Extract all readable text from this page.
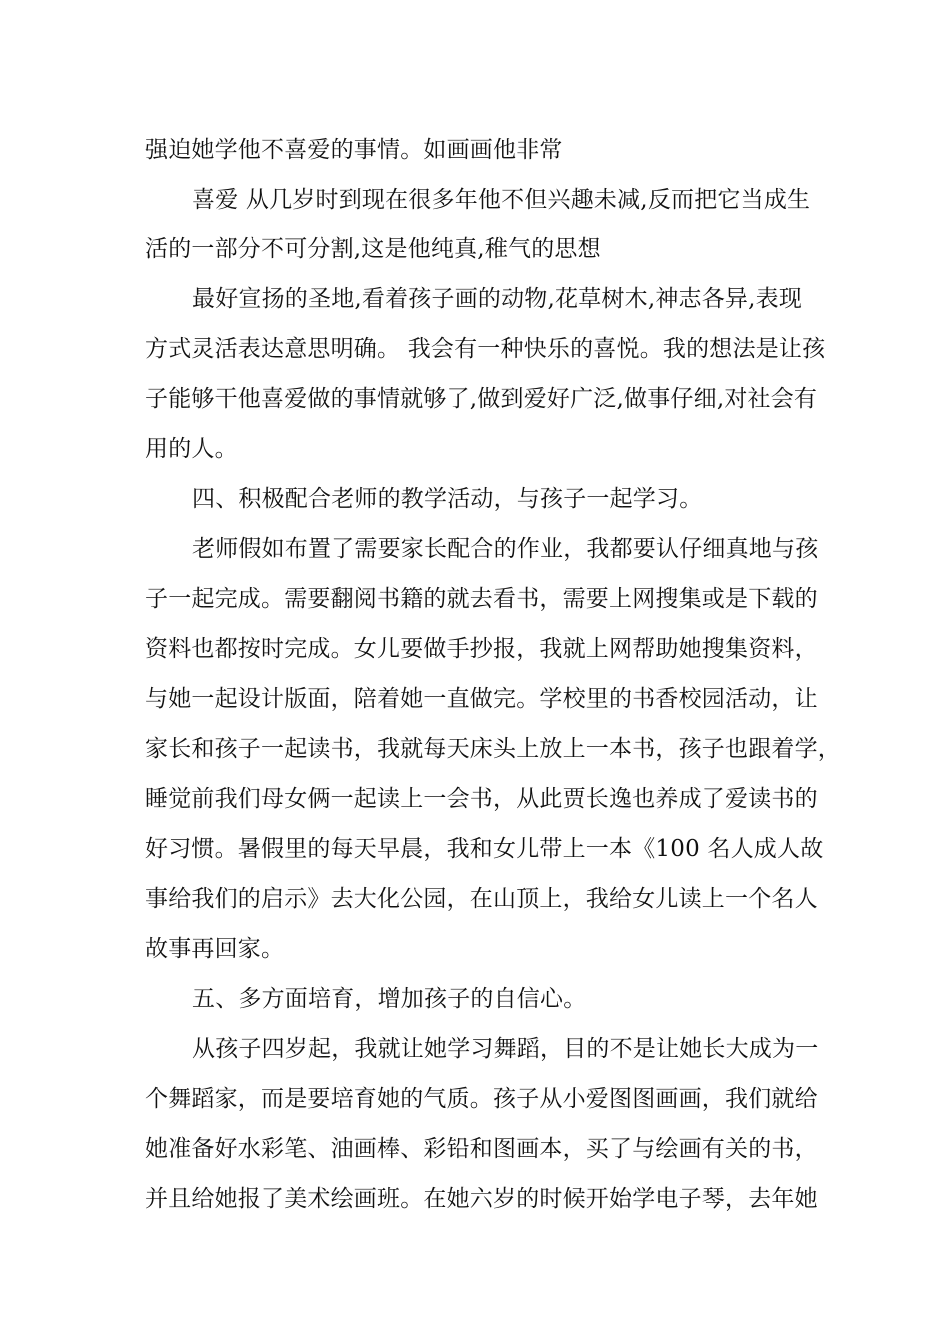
强迫她学他不喜爱的事情。如画画他非常
喜爱 从几岁时到现在很多年他不但兴趣未减,反而把它当成生
活的一部分不可分割,这是他纯真,稚气的思想
最好宣扬的圣地,看着孩子画的动物,花草树木,神志各异,表现
方式灵活表达意思明确。 我会有一种快乐的喜悦。我的想法是让孩
子能够干他喜爱做的事情就够了,做到爱好广泛,做事仔细,对社会有
用的人。
四、积极配合老师的教学活动，与孩子一起学习。
老师假如布置了需要家长配合的作业，我都要认仔细真地与孩
子一起完成。需要翻阅书籍的就去看书，需要上网搜集或是下载的
资料也都按时完成。女儿要做手抄报，我就上网帮助她搜集资料，
与她一起设计版面，陪着她一直做完。学校里的书香校园活动，让
家长和孩子一起读书，我就每天床头上放上一本书，孩子也跟着学，
睡觉前我们母女俩一起读上一会书，从此贾长逸也养成了爱读书的
好习惯。暑假里的每天早晨，我和女儿带上一本《100 名人成人故
事给我们的启示》去大化公园，在山顶上，我给女儿读上一个名人
故事再回家。
五、多方面培育，增加孩子的自信心。
从孩子四岁起，我就让她学习舞蹈，目的不是让她长大成为一
个舞蹈家，而是要培育她的气质。孩子从小爱图图画画，我们就给
她准备好水彩笔、油画棒、彩铅和图画本，买了与绘画有关的书，
并且给她报了美术绘画班。在她六岁的时候开始学电子琴，去年她
